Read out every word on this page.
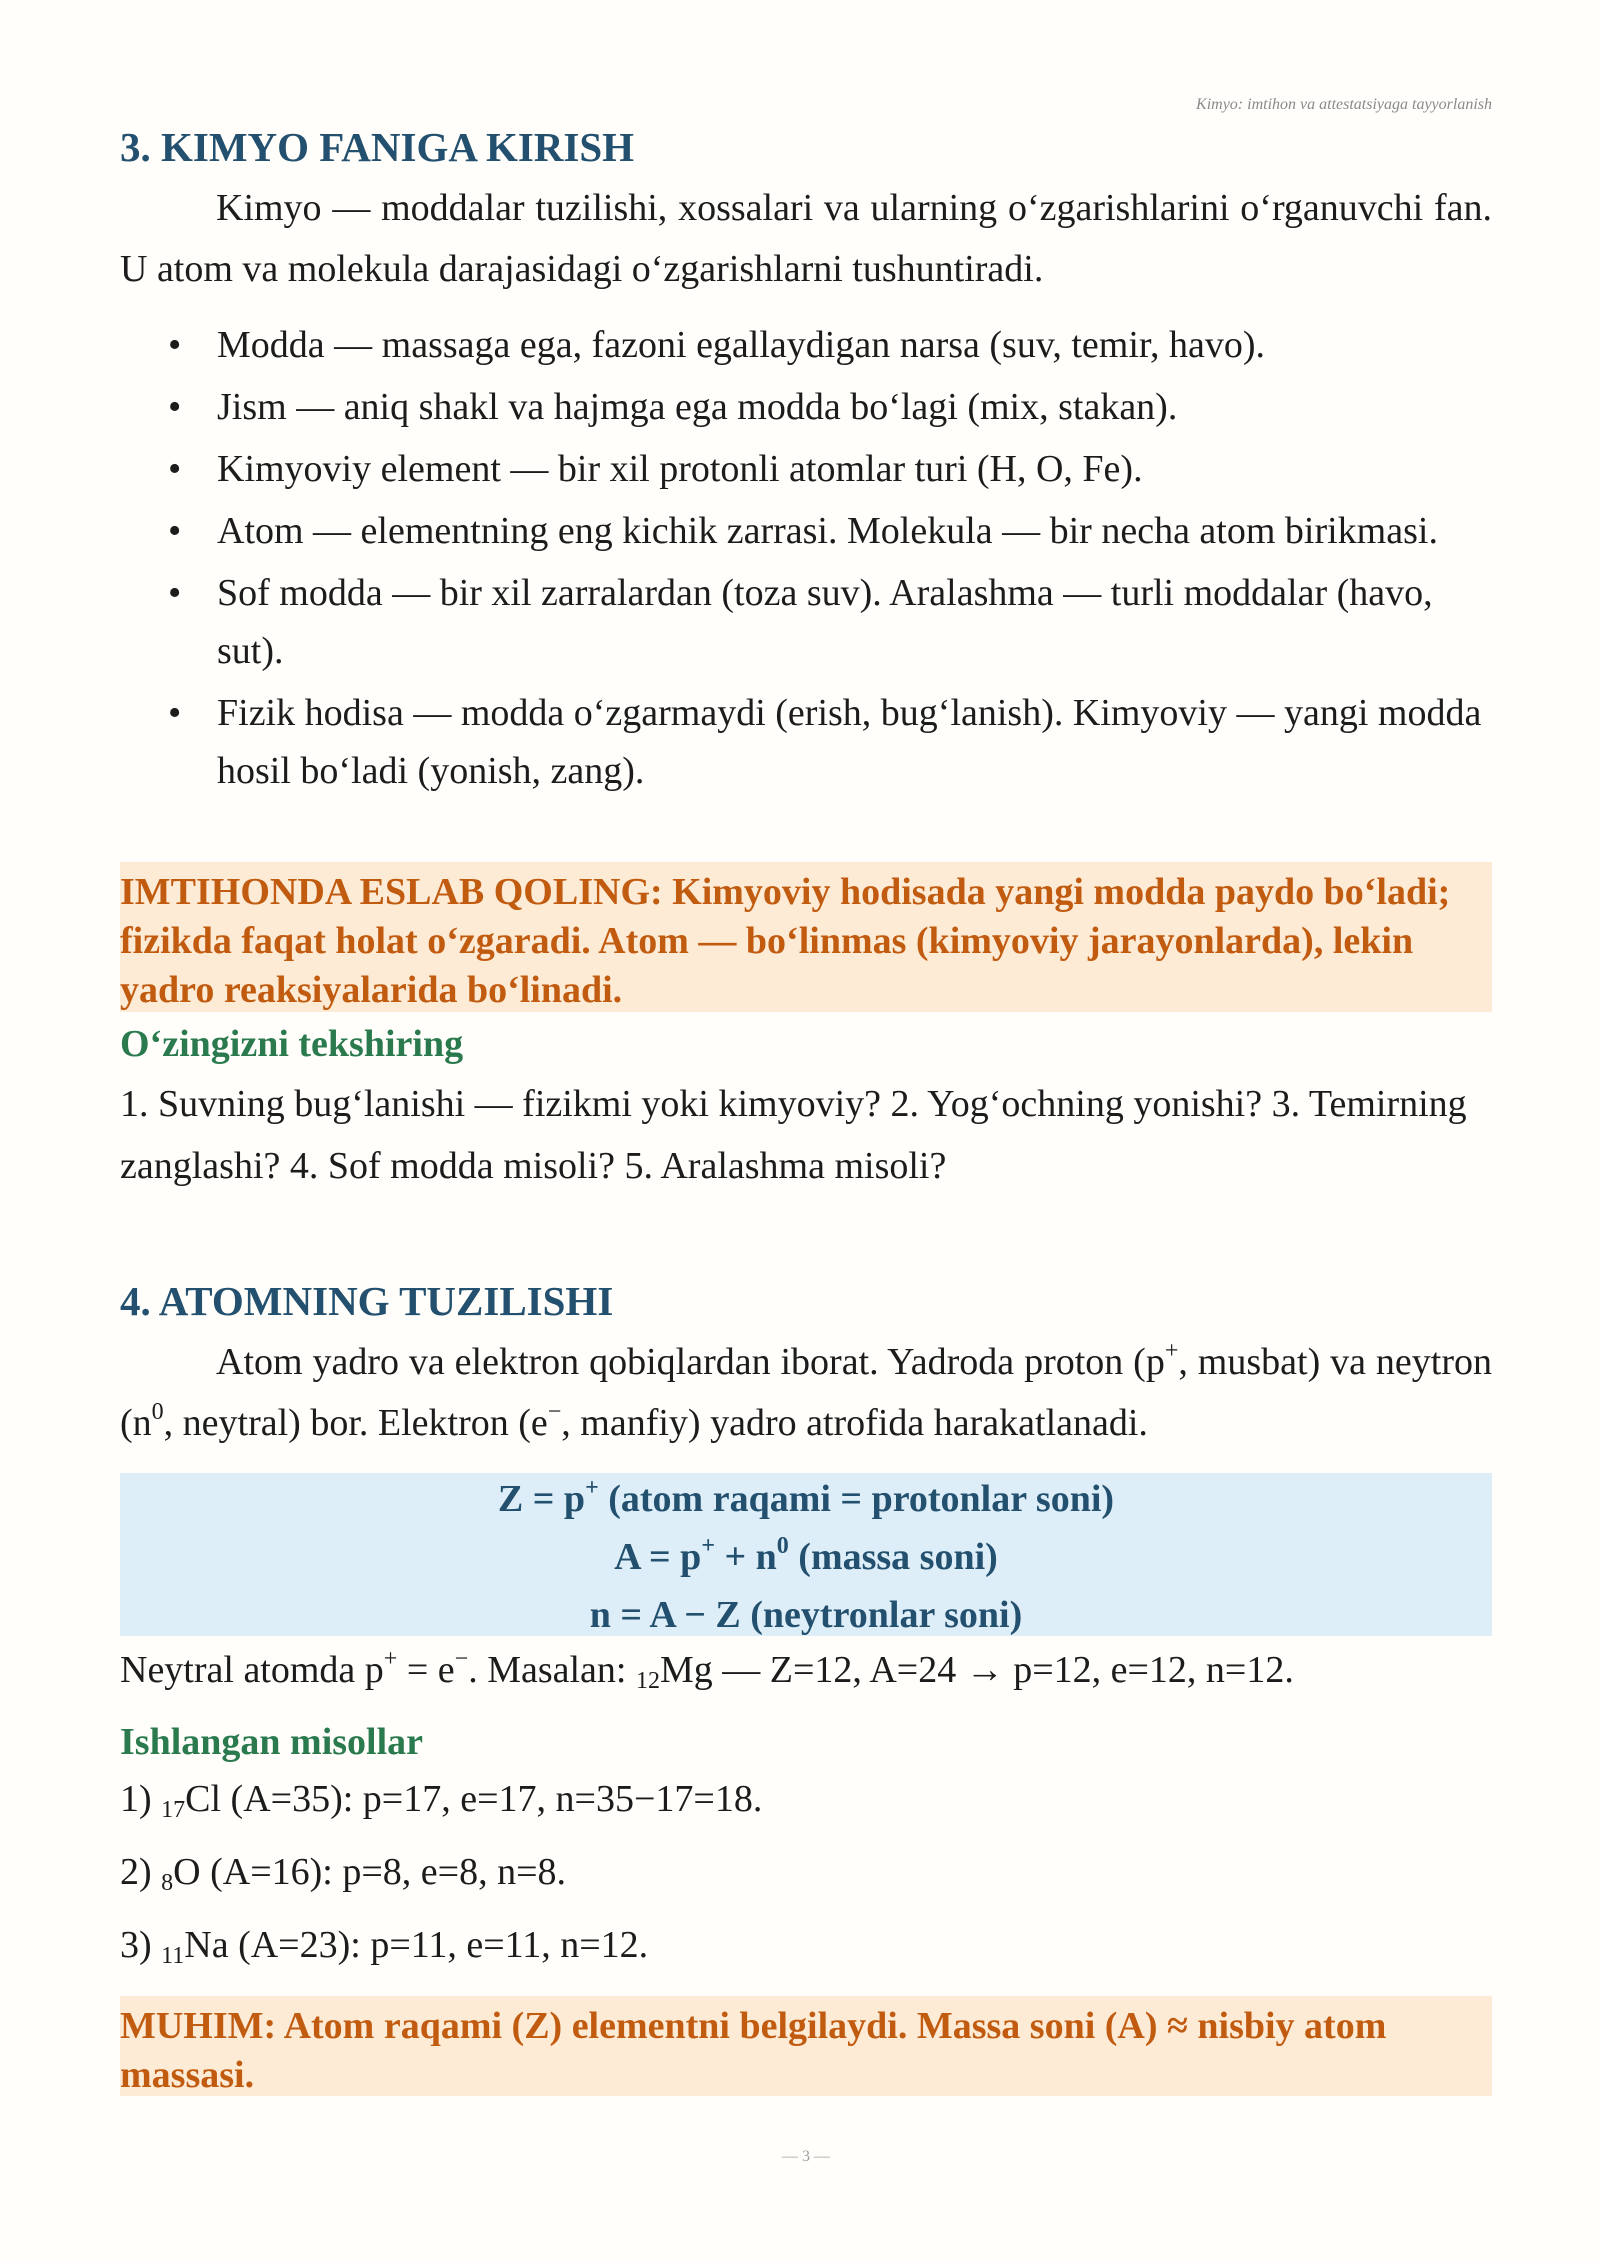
Kimyo: imtihon va attestatsiyaga tayyorlanish
3. KIMYO FANIGA KIRISH

Kimyo — moddalar tuzilishi, xossalari va ularning o‘zgarishlarini o‘rganuvchi fan. U atom va molekula darajasidagi o‘zgarishlarni tushuntiradi.

• Modda — massaga ega, fazoni egallaydigan narsa (suv, temir, havo).
• Jism — aniq shakl va hajmga ega modda bo‘lagi (mix, stakan).
• Kimyoviy element — bir xil protonli atomlar turi (H, O, Fe).
• Atom — elementning eng kichik zarrasi. Molekula — bir necha atom birikmasi.
• Sof modda — bir xil zarralardan (toza suv). Aralashma — turli moddalar (havo, sut).
• Fizik hodisa — modda o‘zgarmaydi (erish, bug‘lanish). Kimyoviy — yangi modda hosil bo‘ladi (yonish, zang).
IMTIHONDA ESLAB QOLING: Kimyoviy hodisada yangi modda paydo bo‘ladi; fizikda faqat holat o‘zgaradi. Atom — bo‘linmas (kimyoviy jarayonlarda), lekin yadro reaksiyalarida bo‘linadi.
O‘zingizni tekshiring

1. Suvning bug‘lanishi — fizikmi yoki kimyoviy? 2. Yog‘ochning yonishi? 3. Temirning zanglashi? 4. Sof modda misoli? 5. Aralashma misoli?

4. ATOMNING TUZILISHI

Atom yadro va elektron qobiqlardan iborat. Yadroda proton (p+, musbat) va neytron ($n^0$, neytral) bor. Elektron (e−, manfiy) yadro atrofida harakatlanadi.

Z = p+ (atom raqami = protonlar soni)
$A = p^+ + n^0$ (massa soni)
n = A − Z (neytronlar soni)

Neytral atomda p+ = e−. Masalan: $_{12}$Mg — Z=12, A=24 → p=12, e=12, n=12.

Ishlangan misollar

1) $_{17}$Cl (A=35): p=17, e=17, n=35−17=18.

2) $_8$O (A=16): p=8, e=8, n=8.

3) $_{11}$Na (A=23): p=11, e=11, n=12.

MUHIM: Atom raqami (Z) elementni belgilaydi. Massa soni (A) ≈ nisbiy atom massasi.
— 3 —
